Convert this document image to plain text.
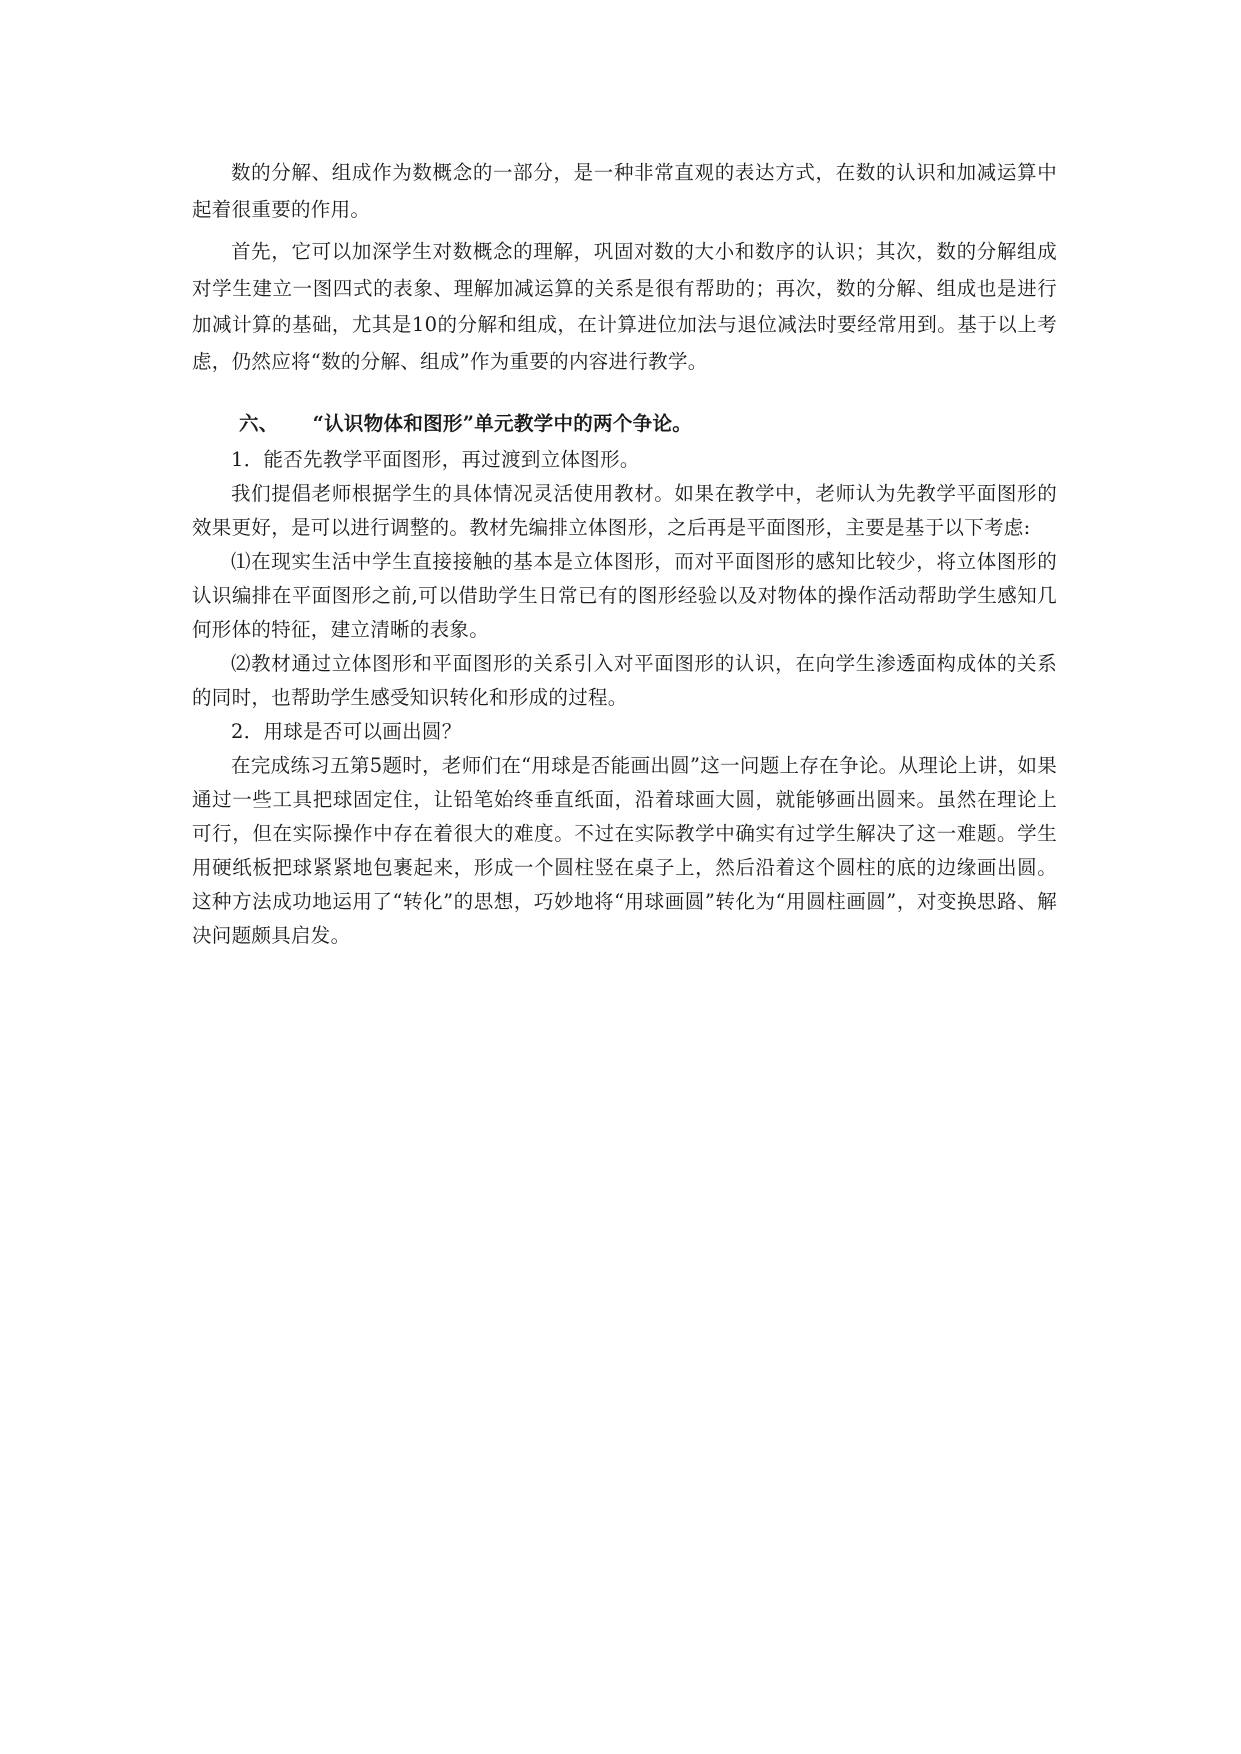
数的分解、组成作为数概念的一部分，是一种非常直观的表达方式，在数的认识和加减运算中起着很重要的作用。

首先，它可以加深学生对数概念的理解，巩固对数的大小和数序的认识；其次，数的分解组成对学生建立一图四式的表象、理解加减运算的关系是很有帮助的；再次，数的分解、组成也是进行加减计算的基础，尤其是10的分解和组成，在计算进位加法与退位减法时要经常用到。基于以上考虑，仍然应将“数的分解、组成”作为重要的内容进行教学。

六、 “认识物体和图形”单元教学中的两个争论。

1．能否先教学平面图形，再过渡到立体图形。

我们提倡老师根据学生的具体情况灵活使用教材。如果在教学中，老师认为先教学平面图形的效果更好，是可以进行调整的。教材先编排立体图形，之后再是平面图形，主要是基于以下考虑:

⑴在现实生活中学生直接接触的基本是立体图形，而对平面图形的感知比较少，将立体图形的认识编排在平面图形之前,可以借助学生日常已有的图形经验以及对物体的操作活动帮助学生感知几何形体的特征，建立清晰的表象。

⑵教材通过立体图形和平面图形的关系引入对平面图形的认识，在向学生渗透面构成体的关系的同时，也帮助学生感受知识转化和形成的过程。

2．用球是否可以画出圆？

在完成练习五第5题时，老师们在“用球是否能画出圆”这一问题上存在争论。从理论上讲，如果通过一些工具把球固定住，让铅笔始终垂直纸面，沿着球画大圆，就能够画出圆来。虽然在理论上可行，但在实际操作中存在着很大的难度。不过在实际教学中确实有过学生解决了这一难题。学生用硬纸板把球紧紧地包裹起来，形成一个圆柱竖在桌子上，然后沿着这个圆柱的底的边缘画出圆。这种方法成功地运用了“转化”的思想，巧妙地将“用球画圆”转化为“用圆柱画圆”，对变换思路、解决问题颇具启发。
